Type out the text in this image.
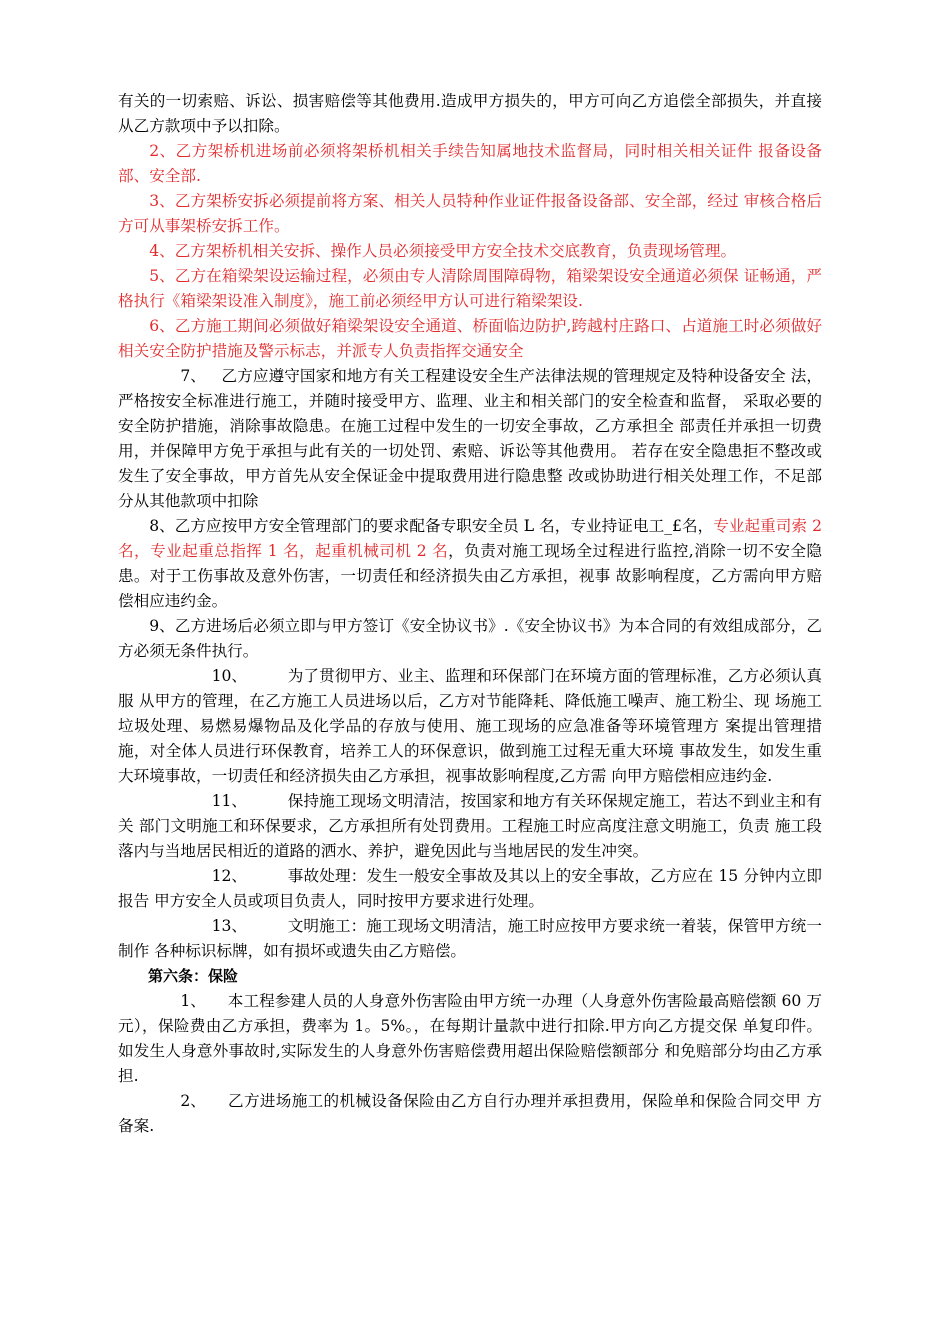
有关的一切索赔、诉讼、损害赔偿等其他费用.造成甲方损失的，甲方可向乙方追偿全部损失，并直接从乙方款项中予以扣除。

2、乙方架桥机进场前必须将架桥机相关手续告知属地技术监督局，同时相关相关证件 报备设备部、安全部.

3、乙方架桥安拆必须提前将方案、相关人员特种作业证件报备设备部、安全部，经过 审核合格后方可从事架桥安拆工作。

4、乙方架桥机相关安拆、操作人员必须接受甲方安全技术交底教育，负责现场管理。

5、乙方在箱梁架设运输过程，必须由专人清除周围障碍物，箱梁架设安全通道必须保 证畅通，严格执行《箱梁架设准入制度》，施工前必须经甲方认可进行箱梁架设.

6、乙方施工期间必须做好箱梁架设安全通道、桥面临边防护,跨越村庄路口、占道施工时必须做好相关安全防护措施及警示标志，并派专人负责指挥交通安全

7、 乙方应遵守国家和地方有关工程建设安全生产法律法规的管理规定及特种设备安全 法，严格按安全标准进行施工，并随时接受甲方、监理、业主和相关部门的安全检查和监督， 采取必要的安全防护措施，消除事故隐患。在施工过程中发生的一切安全事故，乙方承担全 部责任并承担一切费用，并保障甲方免于承担与此有关的一切处罚、索赔、诉讼等其他费用。 若存在安全隐患拒不整改或发生了安全事故，甲方首先从安全保证金中提取费用进行隐患整 改或协助进行相关处理工作，不足部分从其他款项中扣除

8、乙方应按甲方安全管理部门的要求配备专职安全员 L 名，专业持证电工_£名，专业起重司索 2 名，专业起重总指挥 1 名，起重机械司机 2 名，负责对施工现场全过程进行监控,消除一切不安全隐患。对于工伤事故及意外伤害，一切责任和经济损失由乙方承担，视事 故影响程度，乙方需向甲方赔偿相应违约金。

9、乙方进场后必须立即与甲方签订《安全协议书》.《安全协议书》为本合同的有效组成部分，乙方必须无条件执行。

10、	为了贯彻甲方、业主、监理和环保部门在环境方面的管理标准，乙方必须认真服 从甲方的管理，在乙方施工人员进场以后，乙方对节能降耗、降低施工噪声、施工粉尘、现 场施工垃圾处理、易燃易爆物品及化学品的存放与使用、施工现场的应急准备等环境管理方 案提出管理措施，对全体人员进行环保教育，培养工人的环保意识，做到施工过程无重大环境 事故发生，如发生重大环境事故，一切责任和经济损失由乙方承担，视事故影响程度,乙方需 向甲方赔偿相应违约金.

11、	保持施工现场文明清洁，按国家和地方有关环保规定施工，若达不到业主和有关 部门文明施工和环保要求，乙方承担所有处罚费用。工程施工时应高度注意文明施工，负责 施工段落内与当地居民相近的道路的洒水、养护，避免因此与当地居民的发生冲突。

12、	事故处理：发生一般安全事故及其以上的安全事故，乙方应在 15 分钟内立即报告 甲方安全人员或项目负责人，同时按甲方要求进行处理。

13、	文明施工：施工现场文明清洁，施工时应按甲方要求统一着装，保管甲方统一制作 各种标识标牌，如有损坏或遗失由乙方赔偿。

第六条：保险

1、 本工程参建人员的人身意外伤害险由甲方统一办理（人身意外伤害险最高赔偿额 60 万元），保险费由乙方承担，费率为 1。5%。，在每期计量款中进行扣除.甲方向乙方提交保 单复印件。如发生人身意外事故时,实际发生的人身意外伤害赔偿费用超出保险赔偿额部分 和免赔部分均由乙方承担.

2、 乙方进场施工的机械设备保险由乙方自行办理并承担费用，保险单和保险合同交甲 方备案.
